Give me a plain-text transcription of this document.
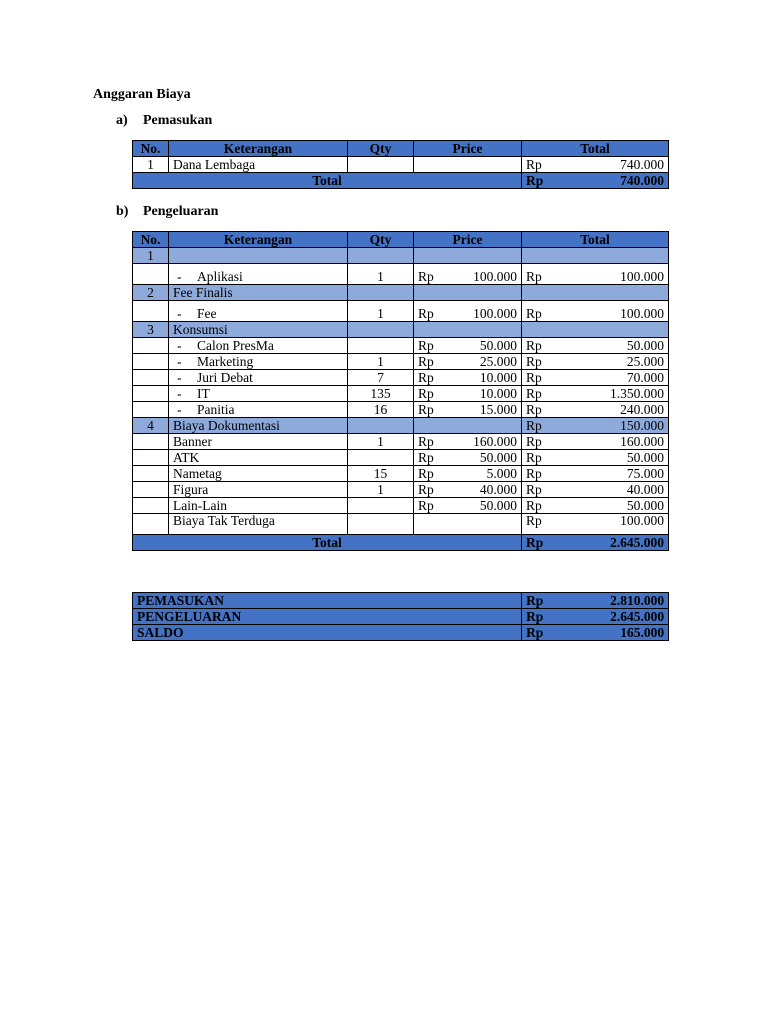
Anggaran Biaya
a) Pemasukan
No.	Keterangan	Qty	Price		Total	
1	Dana Lembaga				Rp	740.000
Total					Rp	740.000
b) Pengeluaran
No.	Keterangan	Qty	Price		Total	
1						
	- Aplikasi	1	Rp	100.000	Rp	100.000
2	Fee Finalis					
	- Fee	1	Rp	100.000	Rp	100.000
3	Konsumsi					
	- Calon PresMa		Rp	50.000	Rp	50.000
	- Marketing	1	Rp	25.000	Rp	25.000
	- Juri Debat	7	Rp	10.000	Rp	70.000
	- IT	135	Rp	10.000	Rp	1.350.000
	- Panitia	16	Rp	15.000	Rp	240.000
4	Biaya Dokumentasi				Rp	150.000
	Banner	1	Rp	160.000	Rp	160.000
	ATK		Rp	50.000	Rp	50.000
	Nametag	15	Rp	5.000	Rp	75.000
	Figura	1	Rp	40.000	Rp	40.000
	Lain-Lain		Rp	50.000	Rp	50.000
	Biaya Tak Terduga				Rp	100.000
Total					Rp	2.645.000
PEMASUKAN	Rp	2.810.000
PENGELUARAN	Rp	2.645.000
SALDO	Rp	165.000
